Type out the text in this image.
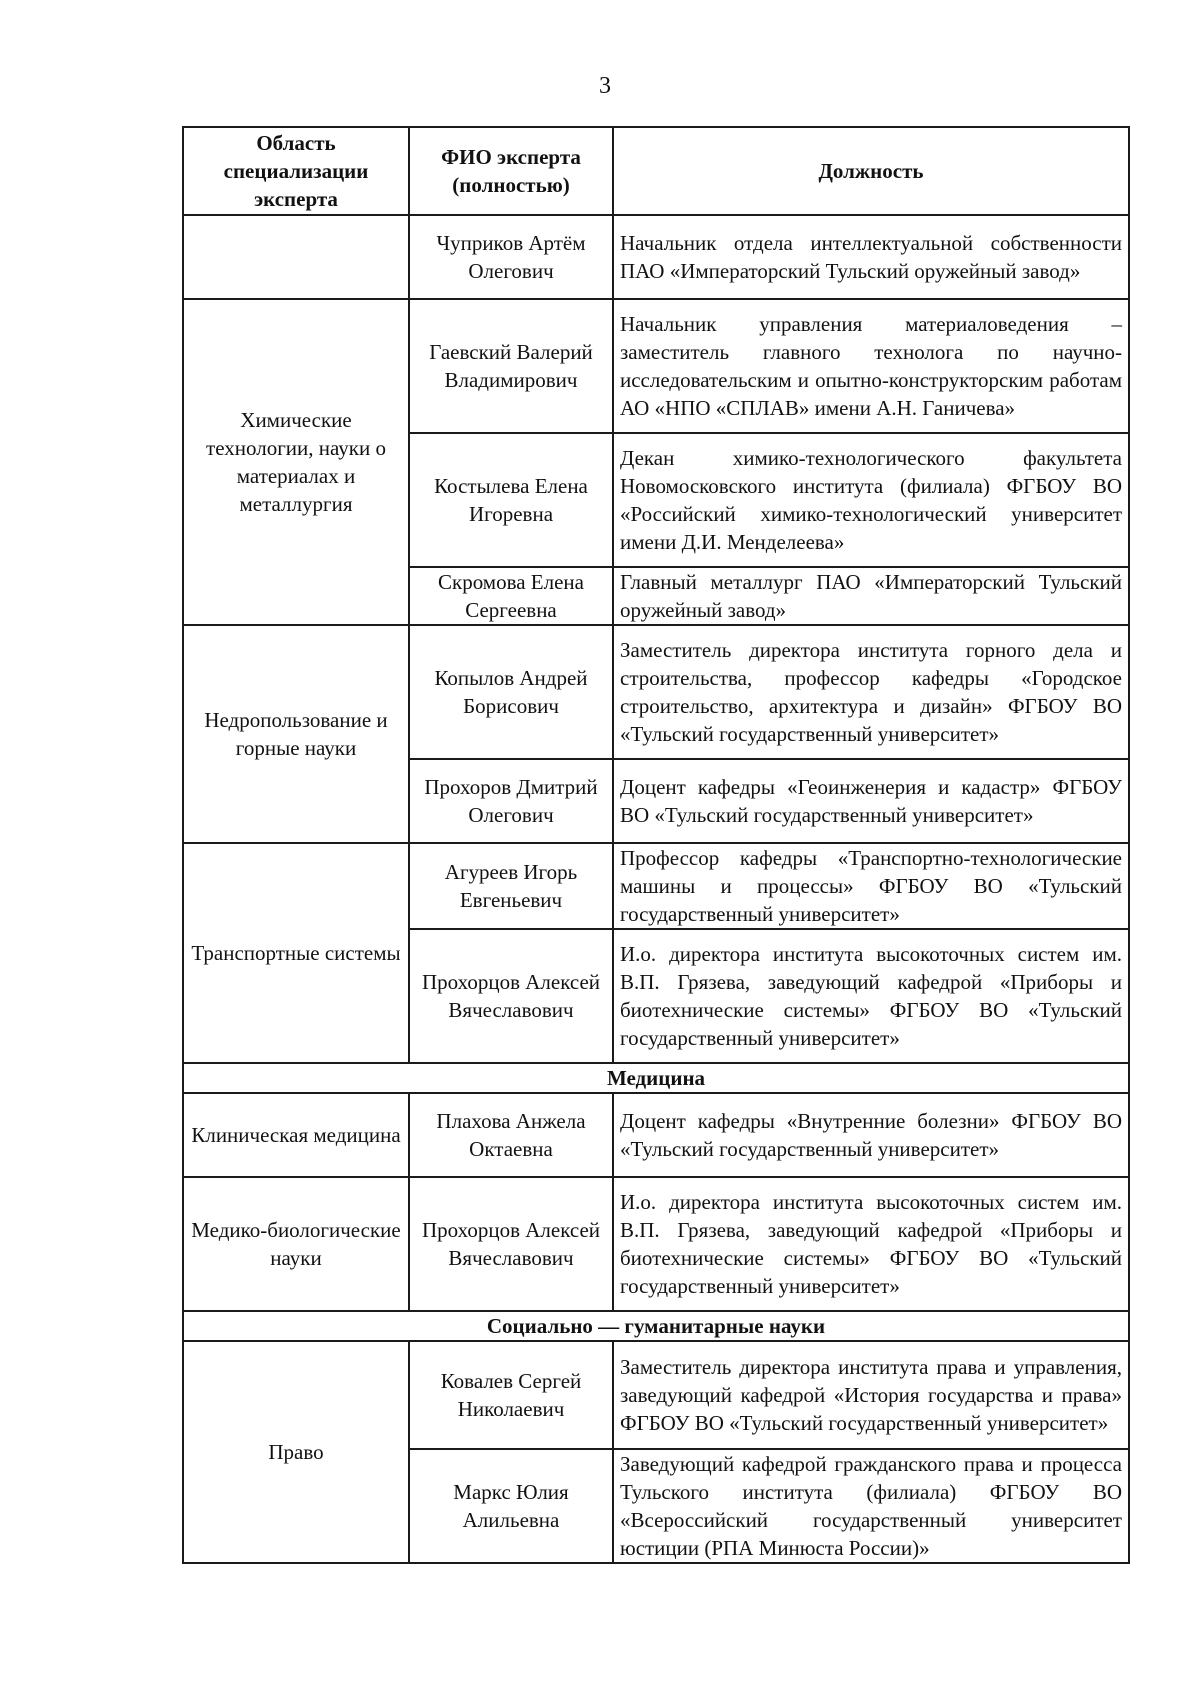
3
Область специализации эксперта	ФИО эксперта (полностью)	Должность
	Чуприков Артём Олегович	Начальник отдела интеллектуальной собственности ПАО «Императорский Тульский оружейный завод»
Химические технологии, науки о материалах и металлургия	Гаевский Валерий Владимирович	Начальник управления материаловедения – заместитель главного технолога по научно-исследовательским и опытно-конструкторским работам АО «НПО «СПЛАВ» имени А.Н. Ганичева»
	Костылева Елена Игоревна	Декан химико-технологического факультета Новомосковского института (филиала) ФГБОУ ВО «Российский химико-технологический университет имени Д.И. Менделеева»
	Скромова Елена Сергеевна	Главный металлург ПАО «Императорский Тульский оружейный завод»
Недропользование и горные науки	Копылов Андрей Борисович	Заместитель директора института горного дела и строительства, профессор кафедры «Городское строительство, архитектура и дизайн» ФГБОУ ВО «Тульский государственный университет»
	Прохоров Дмитрий Олегович	Доцент кафедры «Геоинженерия и кадастр» ФГБОУ ВО «Тульский государственный университет»
Транспортные системы	Агуреев Игорь Евгеньевич	Профессор кафедры «Транспортно-технологические машины и процессы» ФГБОУ ВО «Тульский государственный университет»
	Прохорцов Алексей Вячеславович	И.о. директора института высокоточных систем им. В.П. Грязева, заведующий кафедрой «Приборы и биотехнические системы» ФГБОУ ВО «Тульский государственный университет»
Медицина		
Клиническая медицина	Плахова Анжела Октаевна	Доцент кафедры «Внутренние болезни» ФГБОУ ВО «Тульский государственный университет»
Медико-биологические науки	Прохорцов Алексей Вячеславович	И.о. директора института высокоточных систем им. В.П. Грязева, заведующий кафедрой «Приборы и биотехнические системы» ФГБОУ ВО «Тульский государственный университет»
Социально — гуманитарные науки		
Право	Ковалев Сергей Николаевич	Заместитель директора института права и управления, заведующий кафедрой «История государства и права» ФГБОУ ВО «Тульский государственный университет»
	Маркс Юлия Алильевна	Заведующий кафедрой гражданского права и процесса Тульского института (филиала) ФГБОУ ВО «Всероссийский государственный университет юстиции (РПА Минюста России)»
